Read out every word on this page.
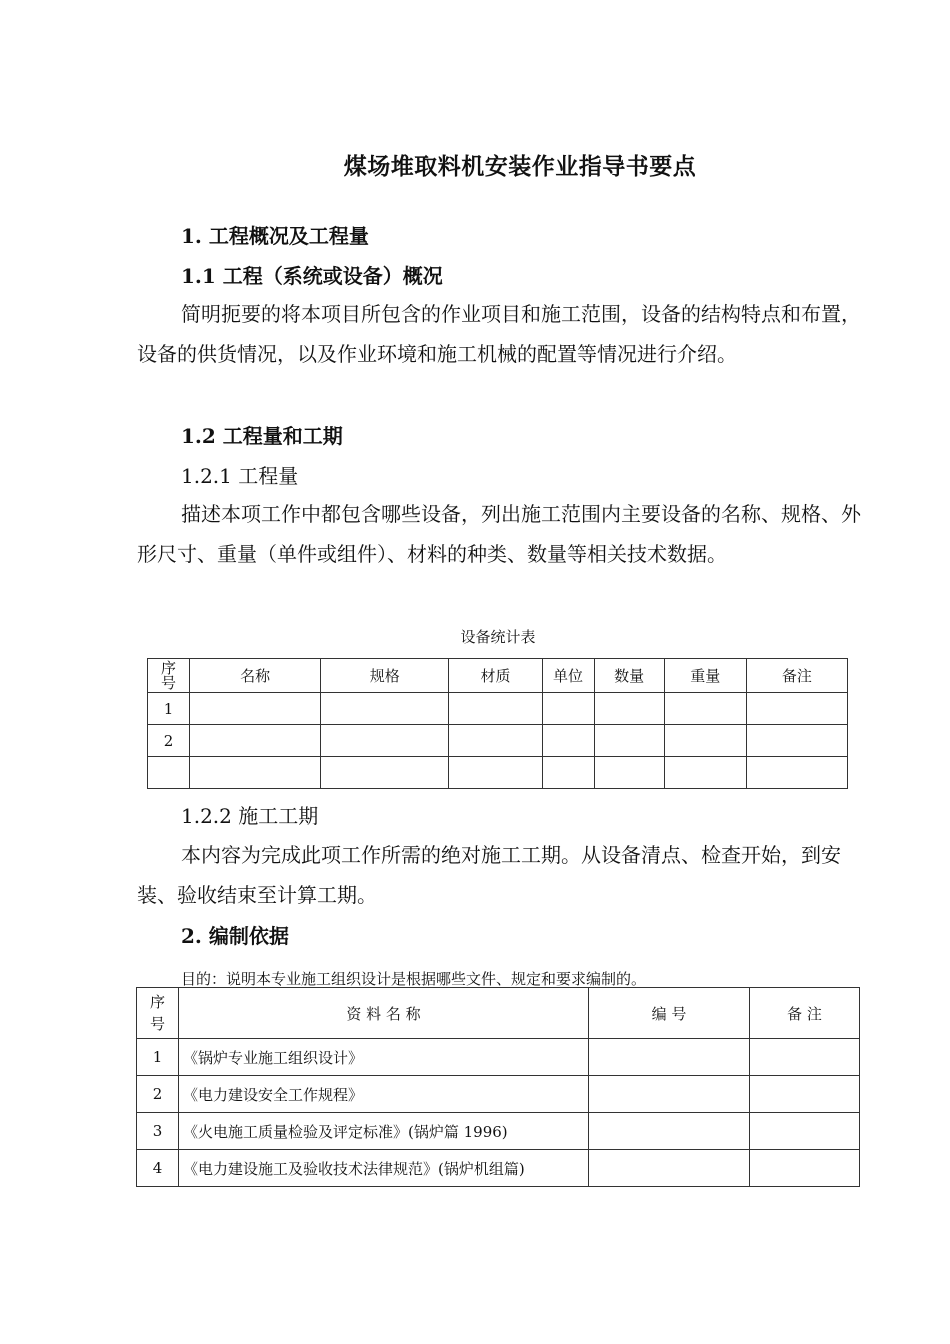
煤场堆取料机安装作业指导书要点
1. 工程概况及工程量
1.1 工程（系统或设备）概况
简明扼要的将本项目所包含的作业项目和施工范围，设备的结构特点和布置，设备的供货情况，以及作业环境和施工机械的配置等情况进行介绍。
1.2 工程量和工期
1.2.1 工程量
描述本项工作中都包含哪些设备，列出施工范围内主要设备的名称、规格、外形尺寸、重量（单件或组件）、材料的种类、数量等相关技术数据。
设备统计表
序
号	名称	规格	材质	单位	数量	重量	备注
1							
2							

1.2.2 施工工期
本内容为完成此项工作所需的绝对施工工期。从设备清点、检查开始，到安装、验收结束至计算工期。
2. 编制依据
目的：说明本专业施工组织设计是根据哪些文件、规定和要求编制的。
序
号	资 料 名 称	编 号	备 注
1	《锅炉专业施工组织设计》		
2	《电力建设安全工作规程》		
3	《火电施工质量检验及评定标准》(锅炉篇 1996)		
4	《电力建设施工及验收技术法律规范》(锅炉机组篇)		
